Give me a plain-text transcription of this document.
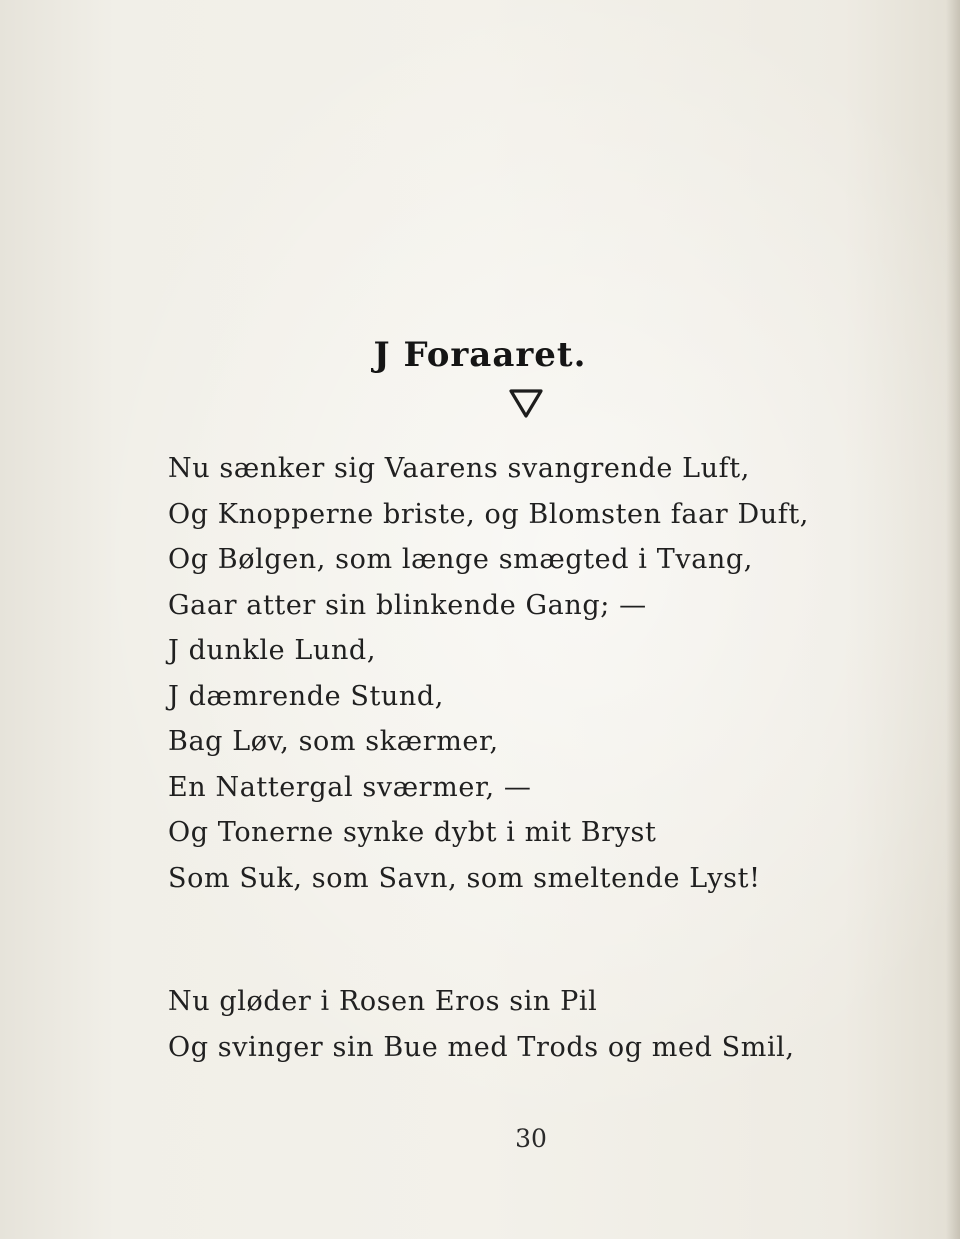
J Foraaret.
Nu sænker sig Vaarens svangrende Luft,
Og Knopperne briste, og Blomsten faar Duft,
Og Bølgen, som længe smægted i Tvang,
Gaar atter sin blinkende Gang; —
J dunkle Lund,
J dæmrende Stund,
Bag Løv, som skærmer,
En Nattergal sværmer, —
Og Tonerne synke dybt i mit Bryst
Som Suk, som Savn, som smeltende Lyst!
Nu gløder i Rosen Eros sin Pil
Og svinger sin Bue med Trods og med Smil,
30
